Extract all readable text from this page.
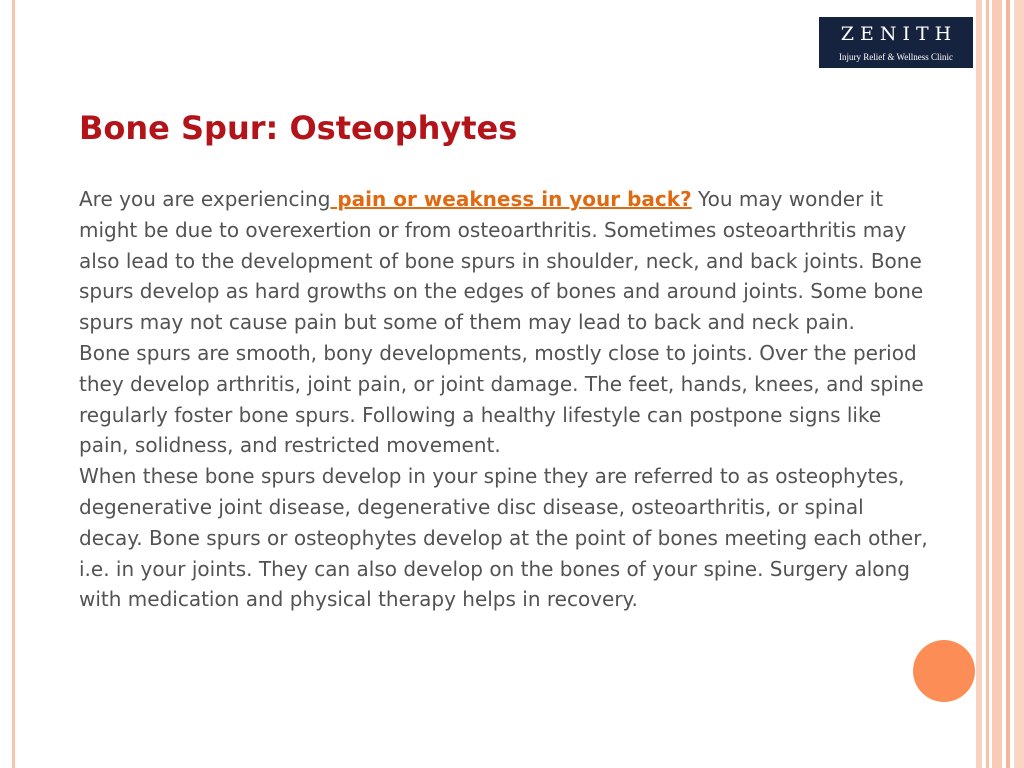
ZENITH
Injury Relief & Wellness Clinic
Bone Spur: Osteophytes

Are you are experiencing pain or weakness in your back? You may wonder it might be due to overexertion or from osteoarthritis. Sometimes osteoarthritis may also lead to the development of bone spurs in shoulder, neck, and back joints. Bone spurs develop as hard growths on the edges of bones and around joints. Some bone spurs may not cause pain but some of them may lead to back and neck pain.

Bone spurs are smooth, bony developments, mostly close to joints. Over the period they develop arthritis, joint pain, or joint damage. The feet, hands, knees, and spine regularly foster bone spurs. Following a healthy lifestyle can postpone signs like pain, solidness, and restricted movement.

When these bone spurs develop in your spine they are referred to as osteophytes, degenerative joint disease, degenerative disc disease, osteoarthritis, or spinal decay. Bone spurs or osteophytes develop at the point of bones meeting each other, i.e. in your joints. They can also develop on the bones of your spine. Surgery along with medication and physical therapy helps in recovery.
